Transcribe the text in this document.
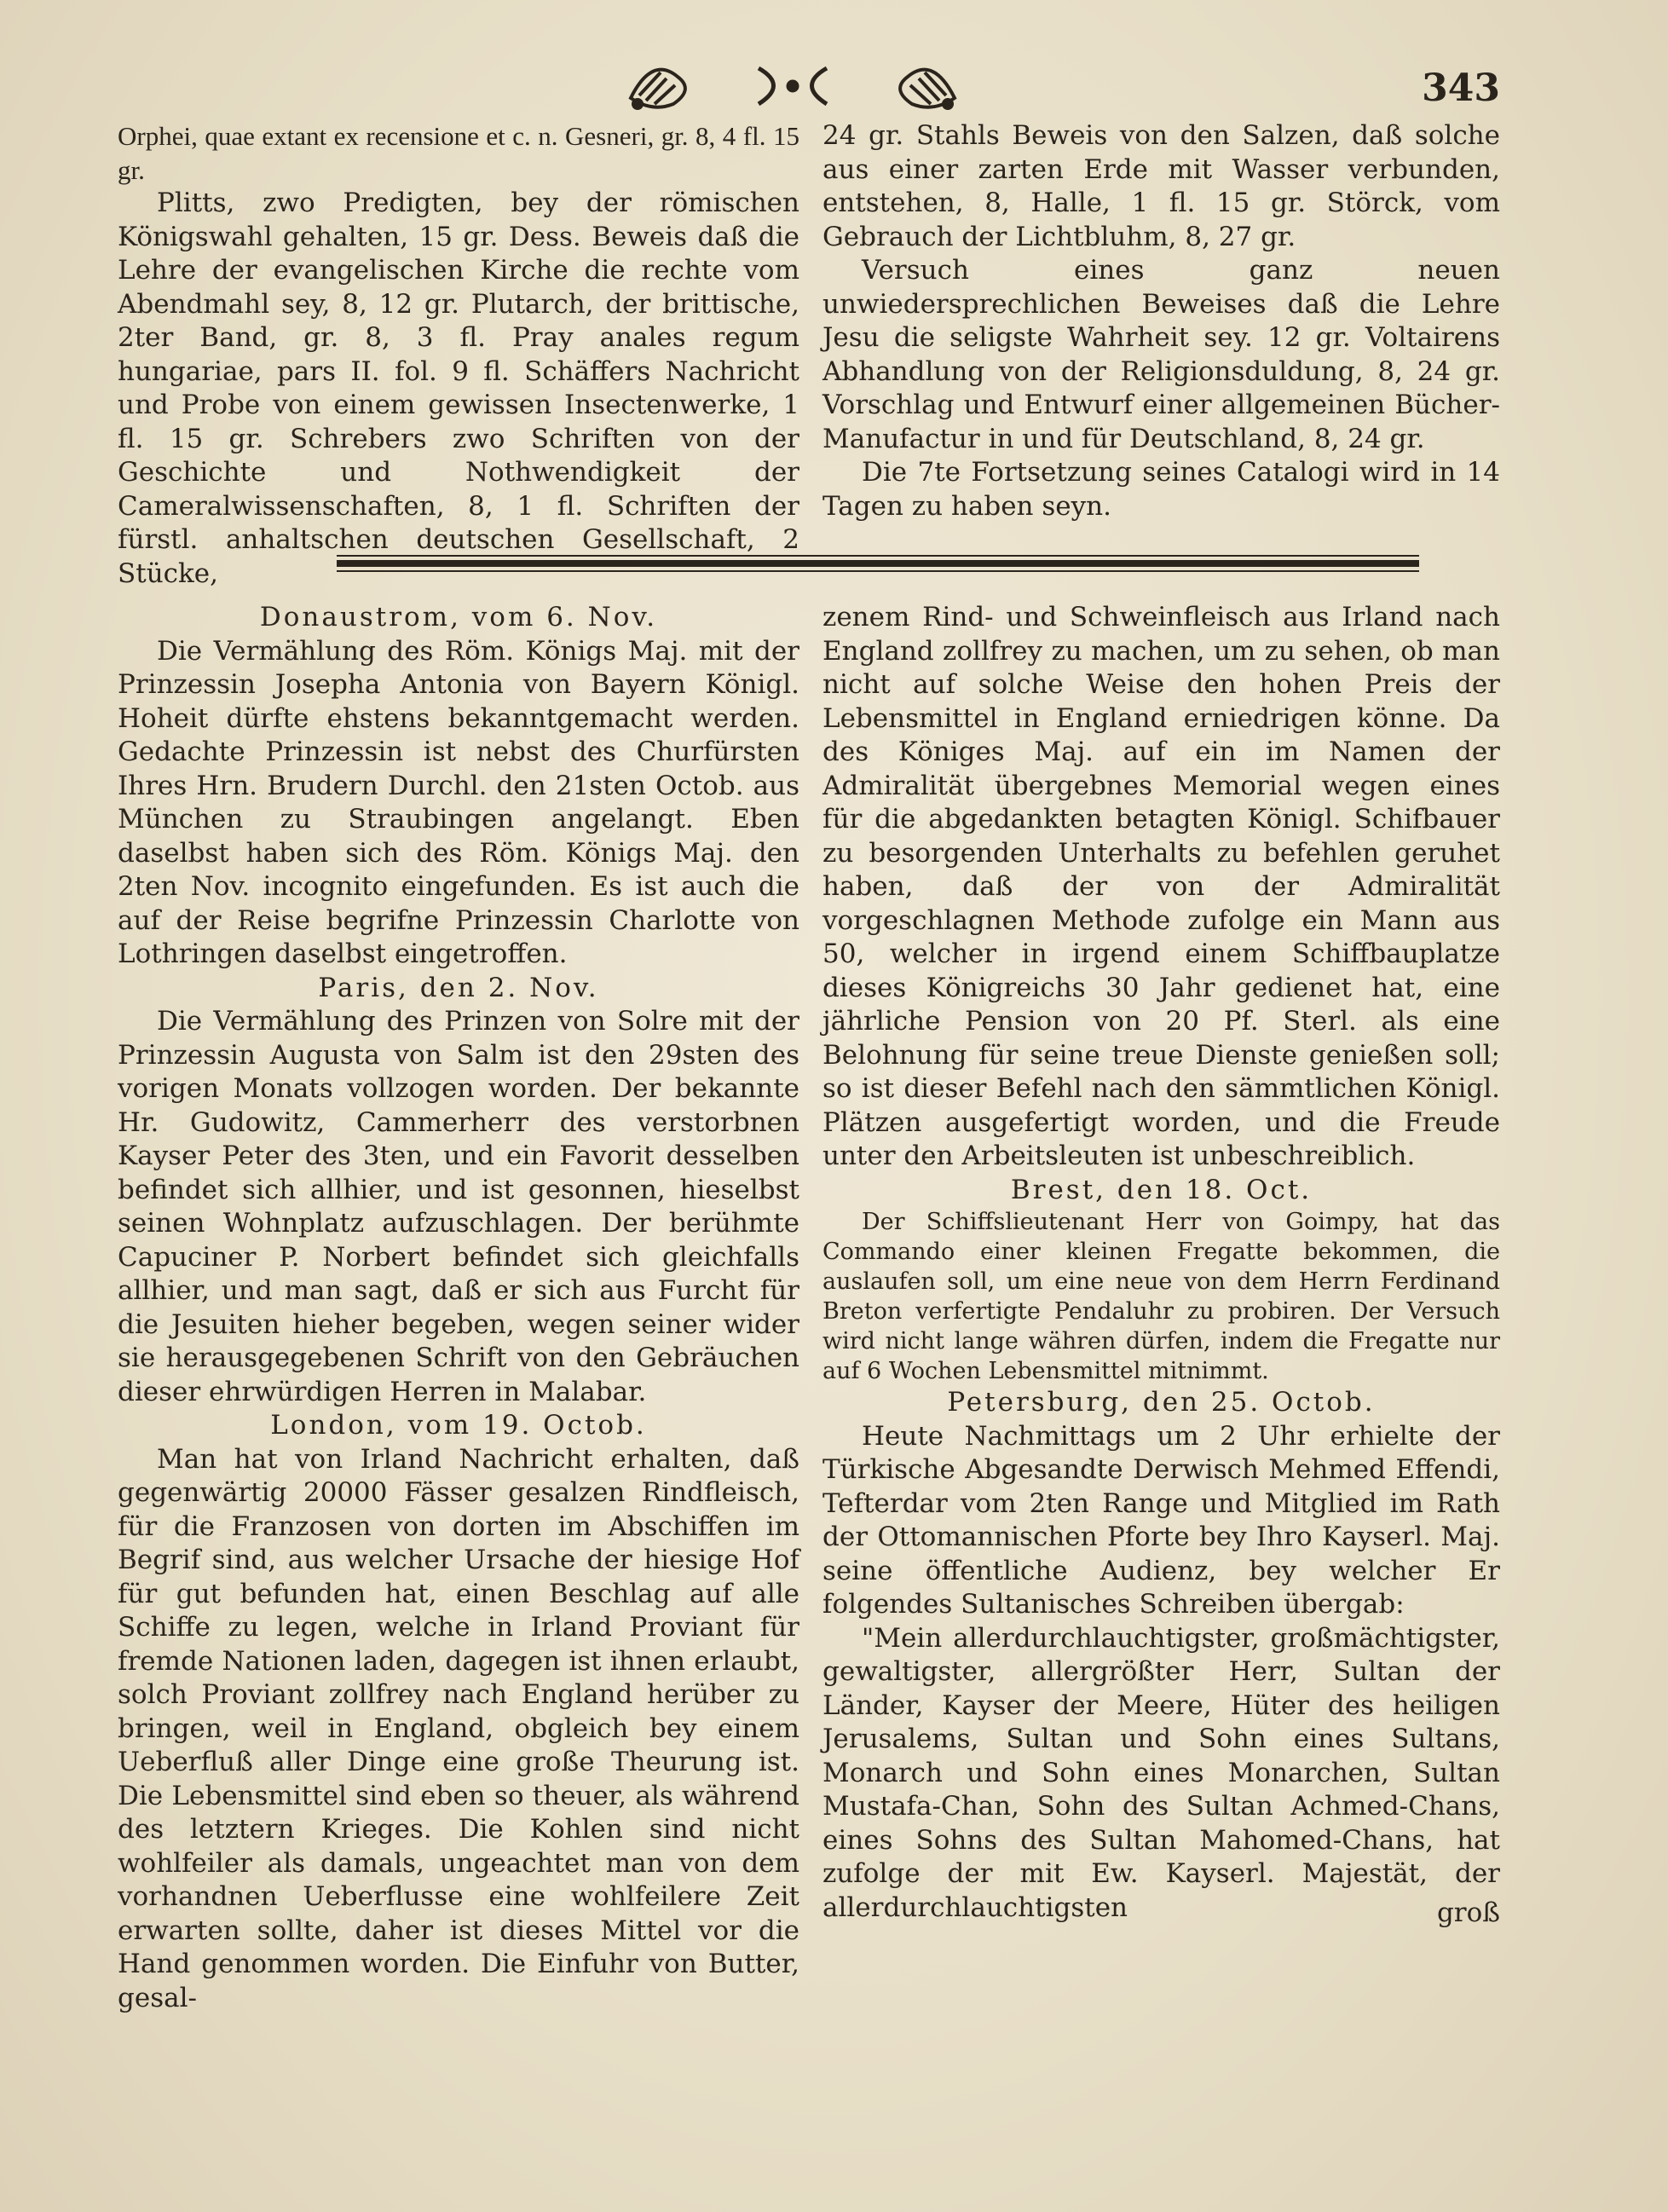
343

Orphei, quae extant ex recensione et c. n. Gesneri, gr. 8, 4 fl. 15 gr.

Plitts, zwo Predigten, bey der römischen Königswahl gehalten, 15 gr. Dess. Beweis daß die Lehre der evangelischen Kirche die rechte vom Abendmahl sey, 8, 12 gr. Plutarch, der brittische, 2ter Band, gr. 8, 3 fl. Pray anales regum hungariae, pars II. fol. 9 fl. Schäffers Nachricht und Probe von einem gewissen Insectenwerke, 1 fl. 15 gr. Schrebers zwo Schriften von der Geschichte und Nothwendigkeit der Cameralwissenschaften, 8, 1 fl. Schriften der fürstl. anhaltschen deutschen Gesellschaft, 2 Stücke,

24 gr. Stahls Beweis von den Salzen, daß solche aus einer zarten Erde mit Wasser verbunden, entstehen, 8, Halle, 1 fl. 15 gr. Störck, vom Gebrauch der Lichtbluhm, 8, 27 gr.

Versuch eines ganz neuen unwiedersprechlichen Beweises daß die Lehre Jesu die seligste Wahrheit sey. 12 gr. Voltairens Abhandlung von der Religionsduldung, 8, 24 gr. Vorschlag und Entwurf einer allgemeinen Bücher-Manufactur in und für Deutschland, 8, 24 gr.

Die 7te Fortsetzung seines Catalogi wird in 14 Tagen zu haben seyn.

Donaustrom, vom 6. Nov.

Die Vermählung des Röm. Königs Maj. mit der Prinzessin Josepha Antonia von Bayern Königl. Hoheit dürfte ehstens bekanntgemacht werden. Gedachte Prinzessin ist nebst des Churfürsten Ihres Hrn. Brudern Durchl. den 21sten Octob. aus München zu Straubingen angelangt. Eben daselbst haben sich des Röm. Königs Maj. den 2ten Nov. incognito eingefunden. Es ist auch die auf der Reise begrifne Prinzessin Charlotte von Lothringen daselbst eingetroffen.

Paris, den 2. Nov.

Die Vermählung des Prinzen von Solre mit der Prinzessin Augusta von Salm ist den 29sten des vorigen Monats vollzogen worden. Der bekannte Hr. Gudowitz, Cammerherr des verstorbnen Kayser Peter des 3ten, und ein Favorit desselben befindet sich allhier, und ist gesonnen, hieselbst seinen Wohnplatz aufzuschlagen. Der berühmte Capuciner P. Norbert befindet sich gleichfalls allhier, und man sagt, daß er sich aus Furcht für die Jesuiten hieher begeben, wegen seiner wider sie herausgegebenen Schrift von den Gebräuchen dieser ehrwürdigen Herren in Malabar.

London, vom 19. Octob.

Man hat von Irland Nachricht erhalten, daß gegenwärtig 20000 Fässer gesalzen Rindfleisch, für die Franzosen von dorten im Abschiffen im Begrif sind, aus welcher Ursache der hiesige Hof für gut befunden hat, einen Beschlag auf alle Schiffe zu legen, welche in Irland Proviant für fremde Nationen laden, dagegen ist ihnen erlaubt, solch Proviant zollfrey nach England herüber zu bringen, weil in England, obgleich bey einem Ueberfluß aller Dinge eine große Theurung ist. Die Lebensmittel sind eben so theuer, als während des letztern Krieges. Die Kohlen sind nicht wohlfeiler als damals, ungeachtet man von dem vorhandnen Ueberflusse eine wohlfeilere Zeit erwarten sollte, daher ist dieses Mittel vor die Hand genommen worden. Die Einfuhr von Butter, gesal-

zenem Rind- und Schweinfleisch aus Irland nach England zollfrey zu machen, um zu sehen, ob man nicht auf solche Weise den hohen Preis der Lebensmittel in England erniedrigen könne. Da des Königes Maj. auf ein im Namen der Admiralität übergebnes Memorial wegen eines für die abgedankten betagten Königl. Schifbauer zu besorgenden Unterhalts zu befehlen geruhet haben, daß der von der Admiralität vorgeschlagnen Methode zufolge ein Mann aus 50, welcher in irgend einem Schiffbauplatze dieses Königreichs 30 Jahr gedienet hat, eine jährliche Pension von 20 Pf. Sterl. als eine Belohnung für seine treue Dienste genießen soll; so ist dieser Befehl nach den sämmtlichen Königl. Plätzen ausgefertigt worden, und die Freude unter den Arbeitsleuten ist unbeschreiblich.

Brest, den 18. Oct.

Der Schiffslieutenant Herr von Goimpy, hat das Commando einer kleinen Fregatte bekommen, die auslaufen soll, um eine neue von dem Herrn Ferdinand Breton verfertigte Pendaluhr zu probiren. Der Versuch wird nicht lange währen dürfen, indem die Fregatte nur auf 6 Wochen Lebensmittel mitnimmt.

Petersburg, den 25. Octob.

Heute Nachmittags um 2 Uhr erhielte der Türkische Abgesandte Derwisch Mehmed Effendi, Tefterdar vom 2ten Range und Mitglied im Rath der Ottomannischen Pforte bey Ihro Kayserl. Maj. seine öffentliche Audienz, bey welcher Er folgendes Sultanisches Schreiben übergab:

"Mein allerdurchlauchtigster, großmächtigster, gewaltigster, allergrößter Herr, Sultan der Länder, Kayser der Meere, Hüter des heiligen Jerusalems, Sultan und Sohn eines Sultans, Monarch und Sohn eines Monarchen, Sultan Mustafa-Chan, Sohn des Sultan Achmed-Chans, eines Sohns des Sultan Mahomed-Chans, hat zufolge der mit Ew. Kayserl. Majestät, der allerdurchlauchtigsten	groß
